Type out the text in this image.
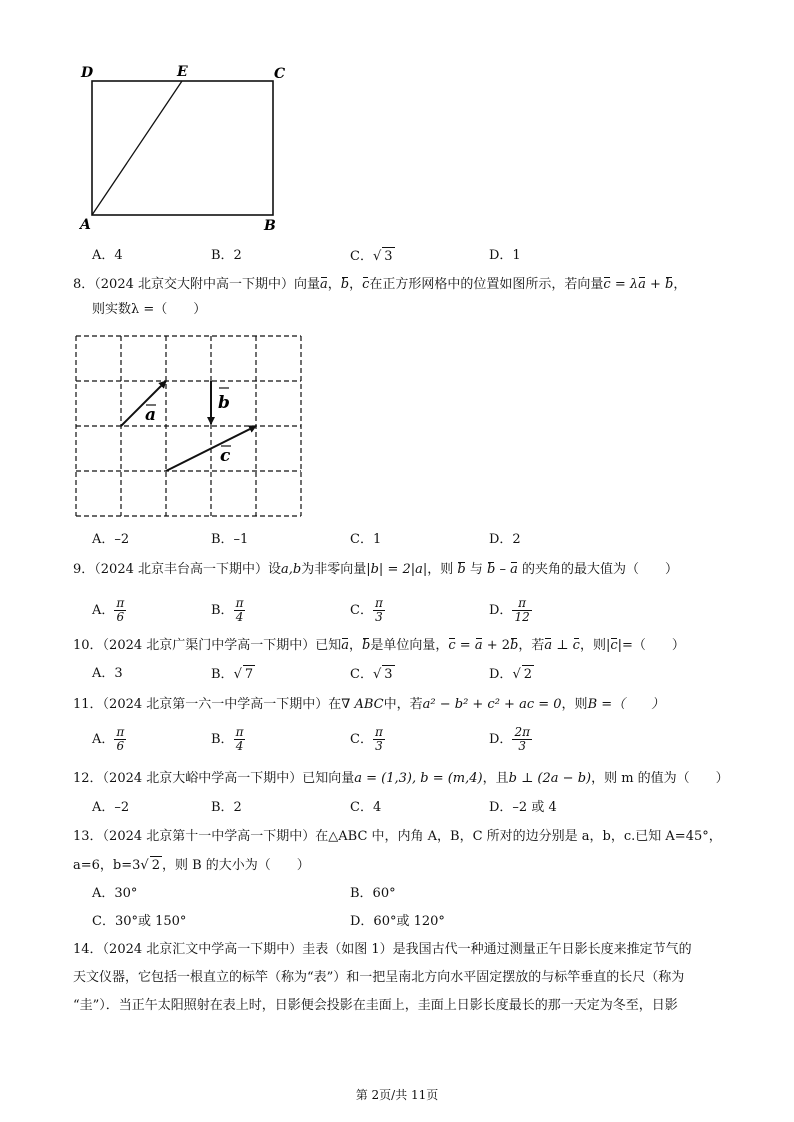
D	E	C
A	B
A．4	B．2	C．√ 3	D．1
8．（2024 北京交大附中高一下期中）向量a，b，c在正方形网格中的位置如图所示，若向量c = λa + b，
则实数λ =（　　）
a
b
c
A．–2	B．–1	C．1	D．2
9．（2024 北京丰台高一下期中）设a,b为非零向量|b| = 2|a|，则 b 与 b – a 的夹角的最大值为（　　）
A． $\frac{\pi}{6}$	B． $\frac{\pi}{4}$	C． $\frac{\pi}{3}$	D． $\frac{\pi}{12}$
10．（2024 北京广渠门中学高一下期中）已知a，b是单位向量，c = a + 2b，若a ⊥ c，则|c|=（　　）
A．3	B．√ 7	C．√ 3	D．√ 2
11．（2024 北京第一六一中学高一下期中）在∇ ABC中，若a² − b² + c² + ac = 0，则B =（　　）
A． $\frac{\pi}{6}$	B． $\frac{\pi}{4}$	C． $\frac{\pi}{3}$	D． $\frac{2\pi}{3}$
12．（2024 北京大峪中学高一下期中）已知向量a = (1,3), b = (m,4)，且b ⊥ (2a − b)，则 m 的值为（　　）
A．–2	B．2	C．4	D．–2 或 4
13．（2024 北京第十一中学高一下期中）在△ABC 中，内角 A，B，C 所对的边分别是 a，b，c.已知 A=45°，
a=6，b=3√ 2 ，则 B 的大小为（　　）
A．30°	B．60°
C．30°或 150°	D．60°或 120°
14．（2024 北京汇文中学高一下期中）圭表（如图 1）是我国古代一种通过测量正午日影长度来推定节气的
天文仪器，它包括一根直立的标竿（称为“表”）和一把呈南北方向水平固定摆放的与标竿垂直的长尺（称为
“圭”）．当正午太阳照射在表上时，日影便会投影在圭面上，圭面上日影长度最长的那一天定为冬至，日影
第 2页/共 11页
